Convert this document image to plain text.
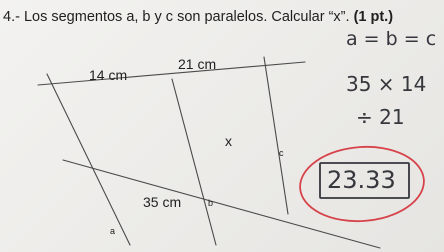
4.- Los segmentos a, b y c son paralelos. Calcular “x”. (1 pt.)
14 cm
21 cm
x
35 cm
a
b
c
a = b = c
35 × 14
÷ 21
23.33
